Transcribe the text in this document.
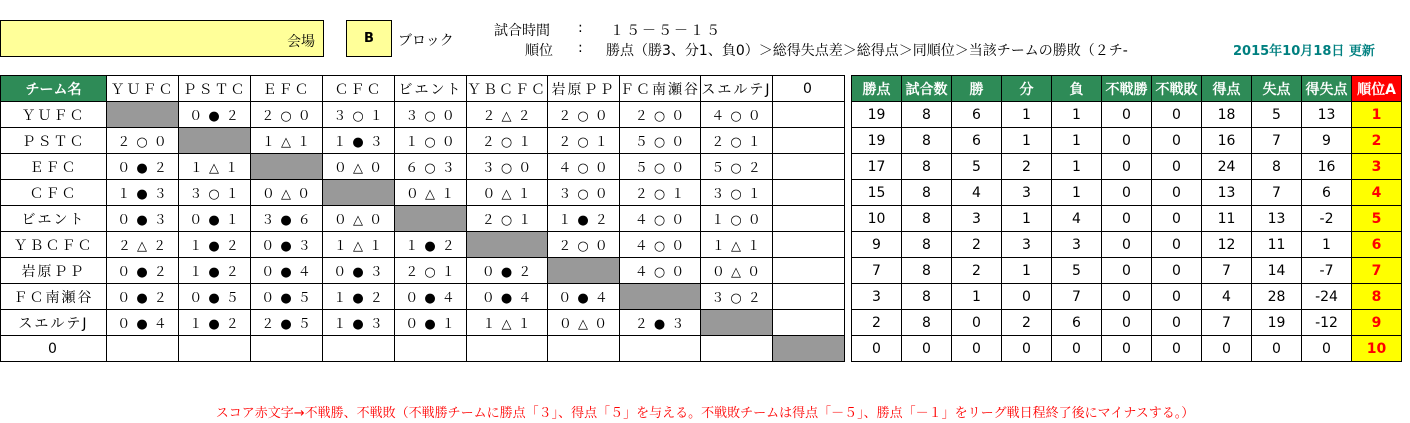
会場	B	ブロック
試合時間 : １５－５－１５
順位 : 勝点（勝3、分1、負0）＞総得失点差＞総得点＞同順位＞当該チームの勝敗（２チ-	2015年10月18日 更新
チーム名	ＹＵＦＣ	ＰＳＴＣ	ＥＦＣ	ＣＦＣ	ビエント	ＹＢＣＦＣ	岩原ＰＰ	ＦＣ南瀬谷	スエルテJ	0		勝点	試合数	勝	分	負	不戦勝	不戦敗	得点	失点	得失点	順位A
ＹＵＦＣ		０ ● ２	２ ○ ０	３ ○ １	３ ○ ０	２ △ ２	２ ○ ０	２ ○ ０	４ ○ ０			19	8	6	1	1	0	0	18	5	13	1
ＰＳＴＣ	２ ○ ０		１ △ １	１ ● ３	１ ○ ０	２ ○ １	２ ○ １	５ ○ ０	２ ○ １			19	8	6	1	1	0	0	16	7	9	2
ＥＦＣ	０ ● ２	１ △ １		０ △ ０	６ ○ ３	３ ○ ０	４ ○ ０	５ ○ ０	５ ○ ２			17	8	5	2	1	0	0	24	8	16	3
ＣＦＣ	１ ● ３	３ ○ １	０ △ ０		０ △ １	０ △ １	３ ○ ０	２ ○ １	３ ○ １			15	8	4	3	1	0	0	13	7	6	4
ビエント	０ ● ３	０ ● １	３ ● ６	０ △ ０		２ ○ １	１ ● ２	４ ○ ０	１ ○ ０			10	8	3	1	4	0	0	11	13	-2	5
ＹＢＣＦＣ	２ △ ２	１ ● ２	０ ● ３	１ △ １	１ ● ２		２ ○ ０	４ ○ ０	１ △ １			9	8	2	3	3	0	0	12	11	1	6
岩原ＰＰ	０ ● ２	１ ● ２	０ ● ４	０ ● ３	２ ○ １	０ ● ２		４ ○ ０	０ △ ０			7	8	2	1	5	0	0	7	14	-7	7
ＦＣ南瀬谷	０ ● ２	０ ● ５	０ ● ５	１ ● ２	０ ● ４	０ ● ４	０ ● ４		３ ○ ２			3	8	1	0	7	0	0	4	28	-24	8
スエルテJ	０ ● ４	１ ● ２	２ ● ５	１ ● ３	０ ● １	１ △ １	０ △ ０	２ ● ３				2	8	0	2	6	0	0	7	19	-12	9
0												0	0	0	0	0	0	0	0	0	0	10
スコア赤文字→不戦勝、不戦敗（不戦勝チームに勝点「３」、得点「５」を与える。不戦敗チームは得点「－５」、勝点「－１」をリーグ戦日程終了後にマイナスする。）
